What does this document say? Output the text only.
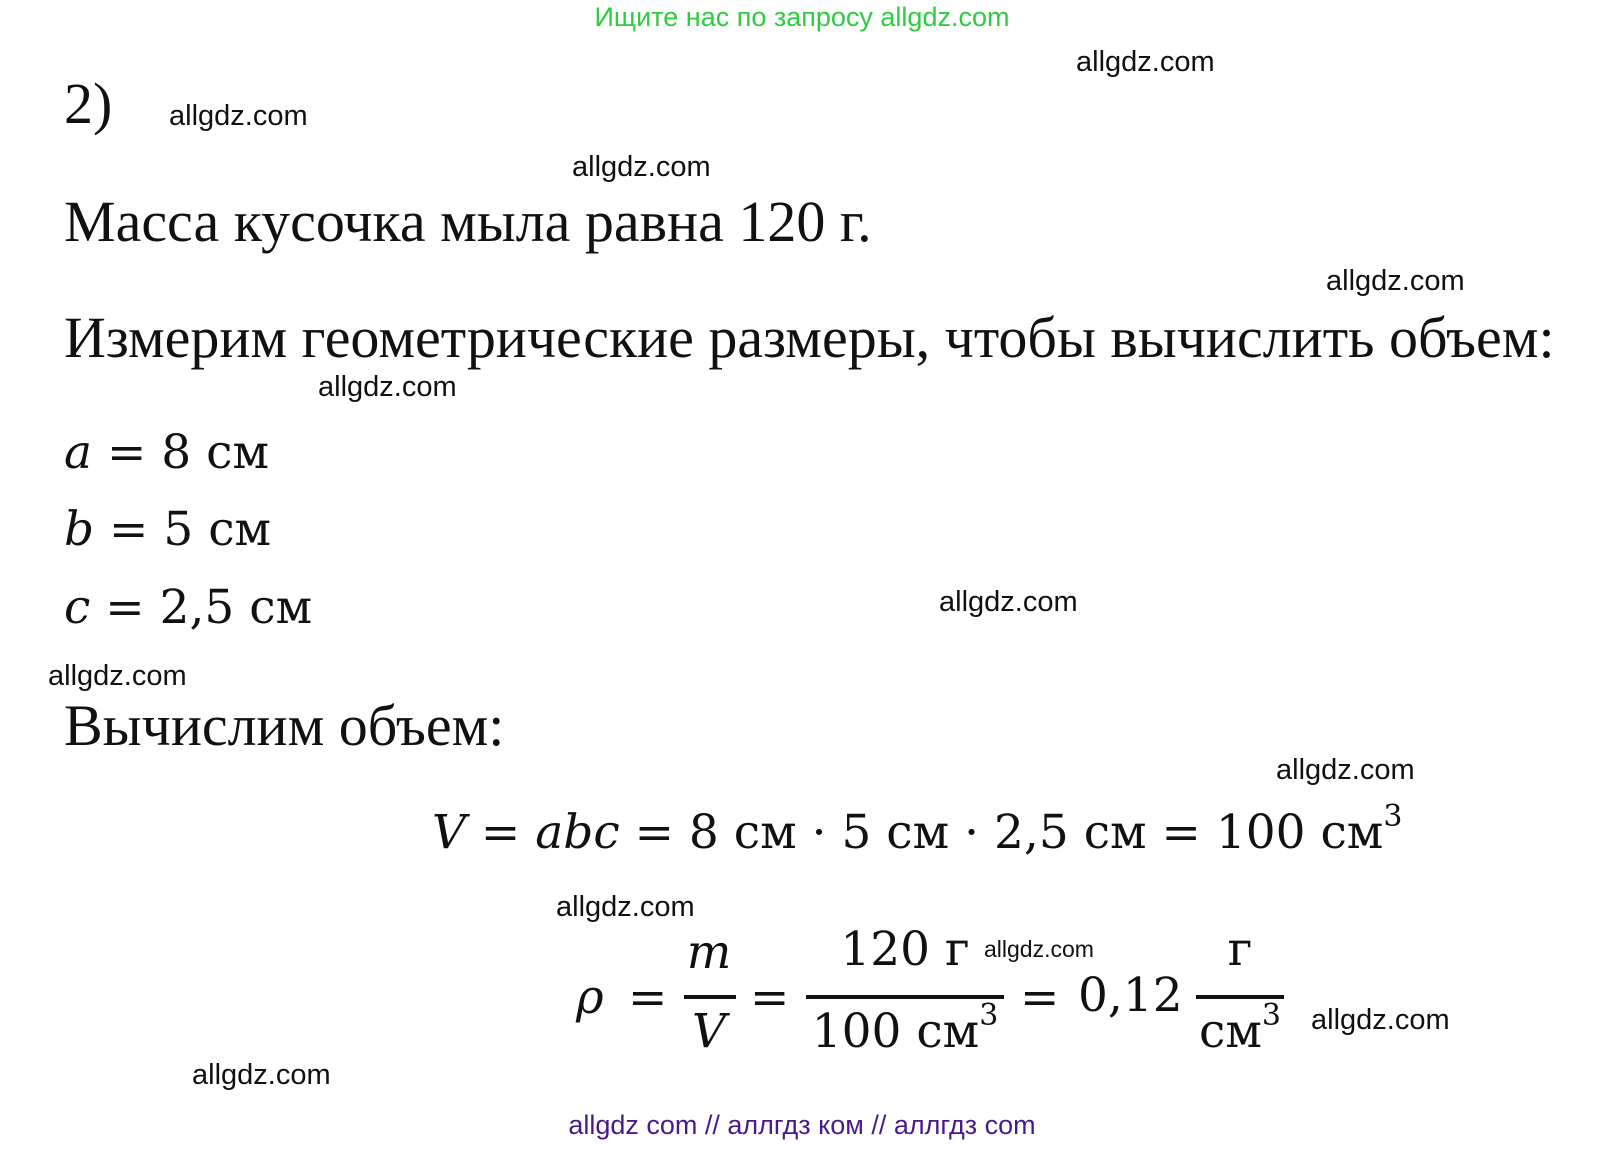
Ищите нас по запросу allgdz.com
allgdz.com
allgdz.com
allgdz.com
allgdz.com
allgdz.com
allgdz.com
allgdz.com
allgdz.com
allgdz.com
allgdz.com
allgdz.com
allgdz.com
2)
Масса кусочка мыла равна 120 г.
Измерим геометрические размеры, чтобы вычислить объем:
a = 8 см
b = 5 см
c = 2,5 см
Вычислим объем:
V = abc = 8 см · 5 см · 2,5 см = 100 $см^3$
ρ =
m
V
=
120 г
100 $см^3 = 0,12$
г
$см^3$
allgdz com // аллгдз ком // аллгдз com
